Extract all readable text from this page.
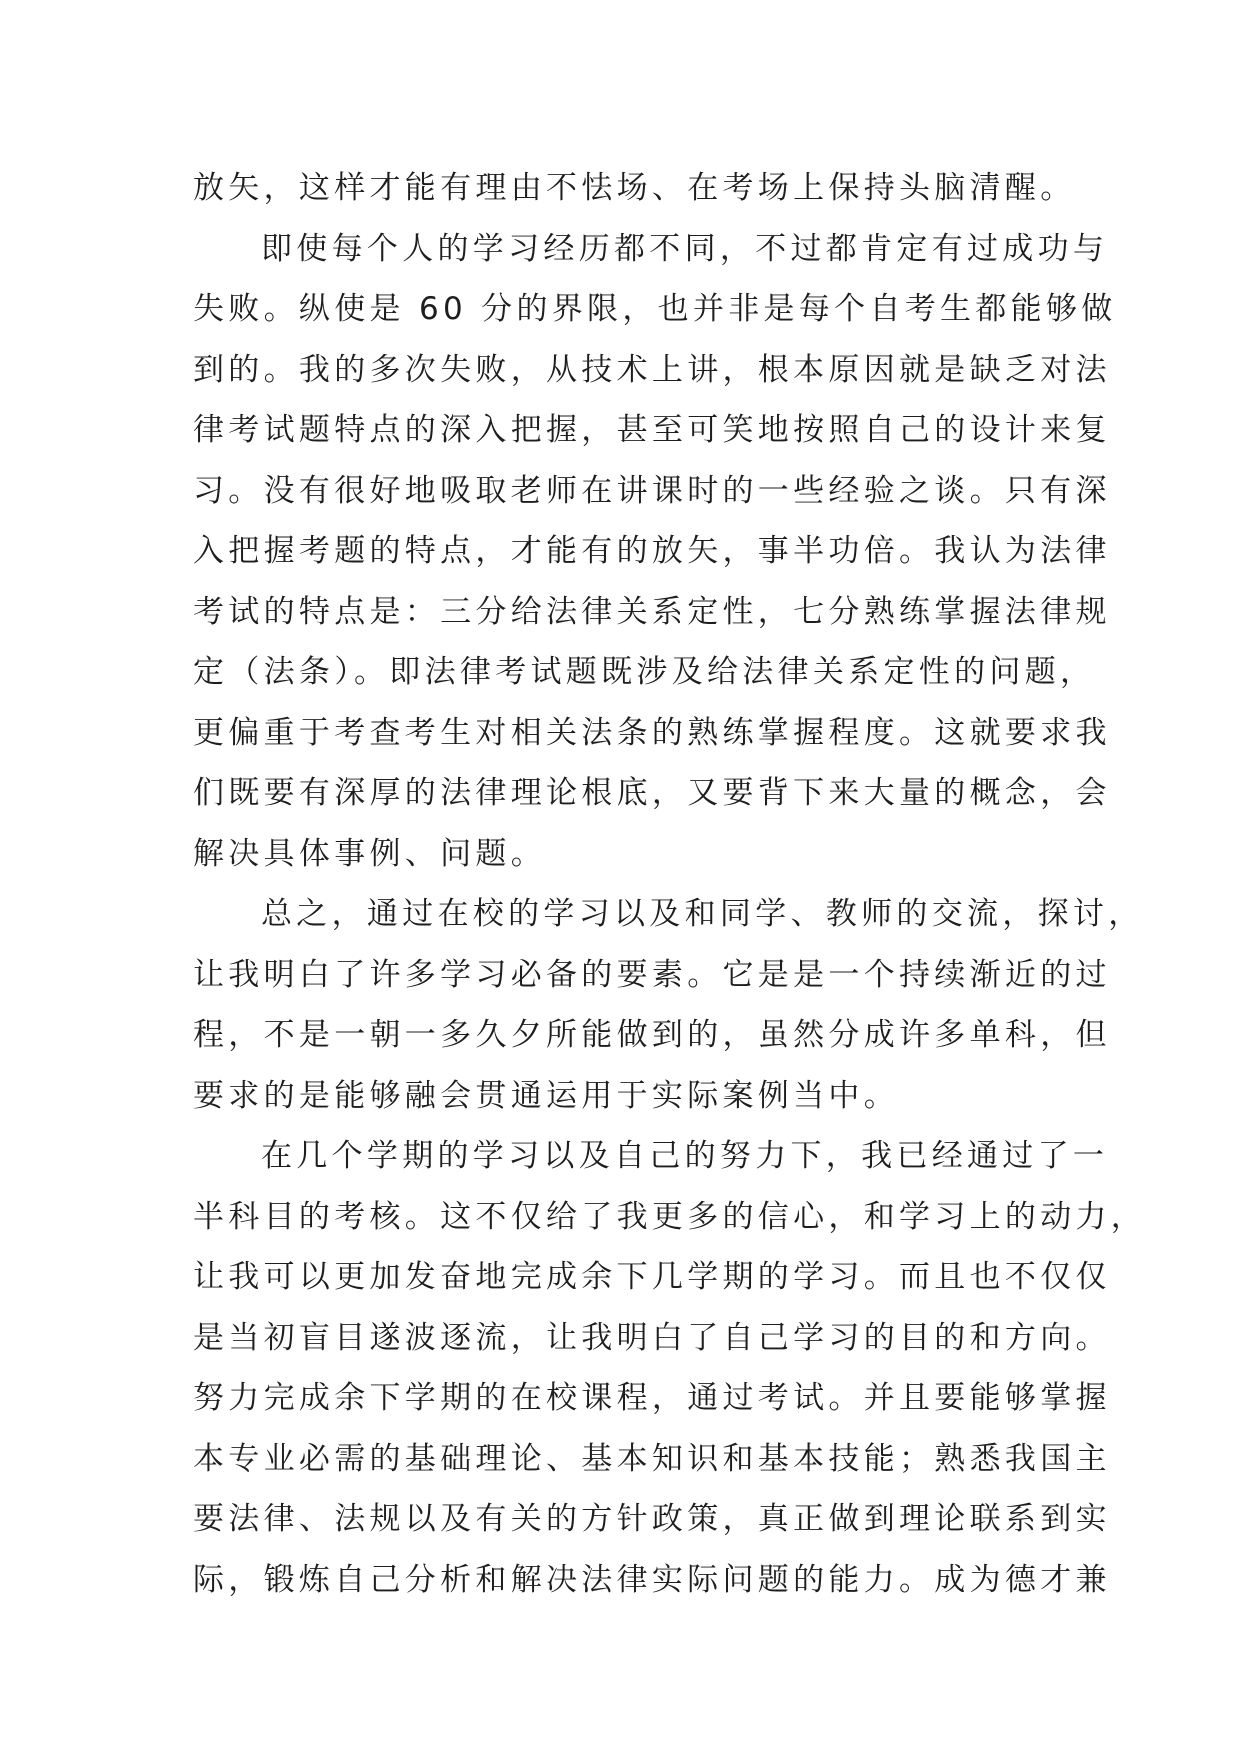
放矢，这样才能有理由不怯场、在考场上保持头脑清醒。
即使每个人的学习经历都不同，不过都肯定有过成功与
失败。纵使是 60 分的界限，也并非是每个自考生都能够做
到的。我的多次失败，从技术上讲，根本原因就是缺乏对法
律考试题特点的深入把握，甚至可笑地按照自己的设计来复
习。没有很好地吸取老师在讲课时的一些经验之谈。只有深
入把握考题的特点，才能有的放矢，事半功倍。我认为法律
考试的特点是：三分给法律关系定性，七分熟练掌握法律规
定（法条）。即法律考试题既涉及给法律关系定性的问题，
更偏重于考查考生对相关法条的熟练掌握程度。这就要求我
们既要有深厚的法律理论根底，又要背下来大量的概念，会
解决具体事例、问题。
总之，通过在校的学习以及和同学、教师的交流，探讨，
让我明白了许多学习必备的要素。它是是一个持续渐近的过
程，不是一朝一多久夕所能做到的，虽然分成许多单科，但
要求的是能够融会贯通运用于实际案例当中。
在几个学期的学习以及自己的努力下，我已经通过了一
半科目的考核。这不仅给了我更多的信心，和学习上的动力，
让我可以更加发奋地完成余下几学期的学习。而且也不仅仅
是当初盲目遂波逐流，让我明白了自己学习的目的和方向。
努力完成余下学期的在校课程，通过考试。并且要能够掌握
本专业必需的基础理论、基本知识和基本技能；熟悉我国主
要法律、法规以及有关的方针政策，真正做到理论联系到实
际，锻炼自己分析和解决法律实际问题的能力。成为德才兼
